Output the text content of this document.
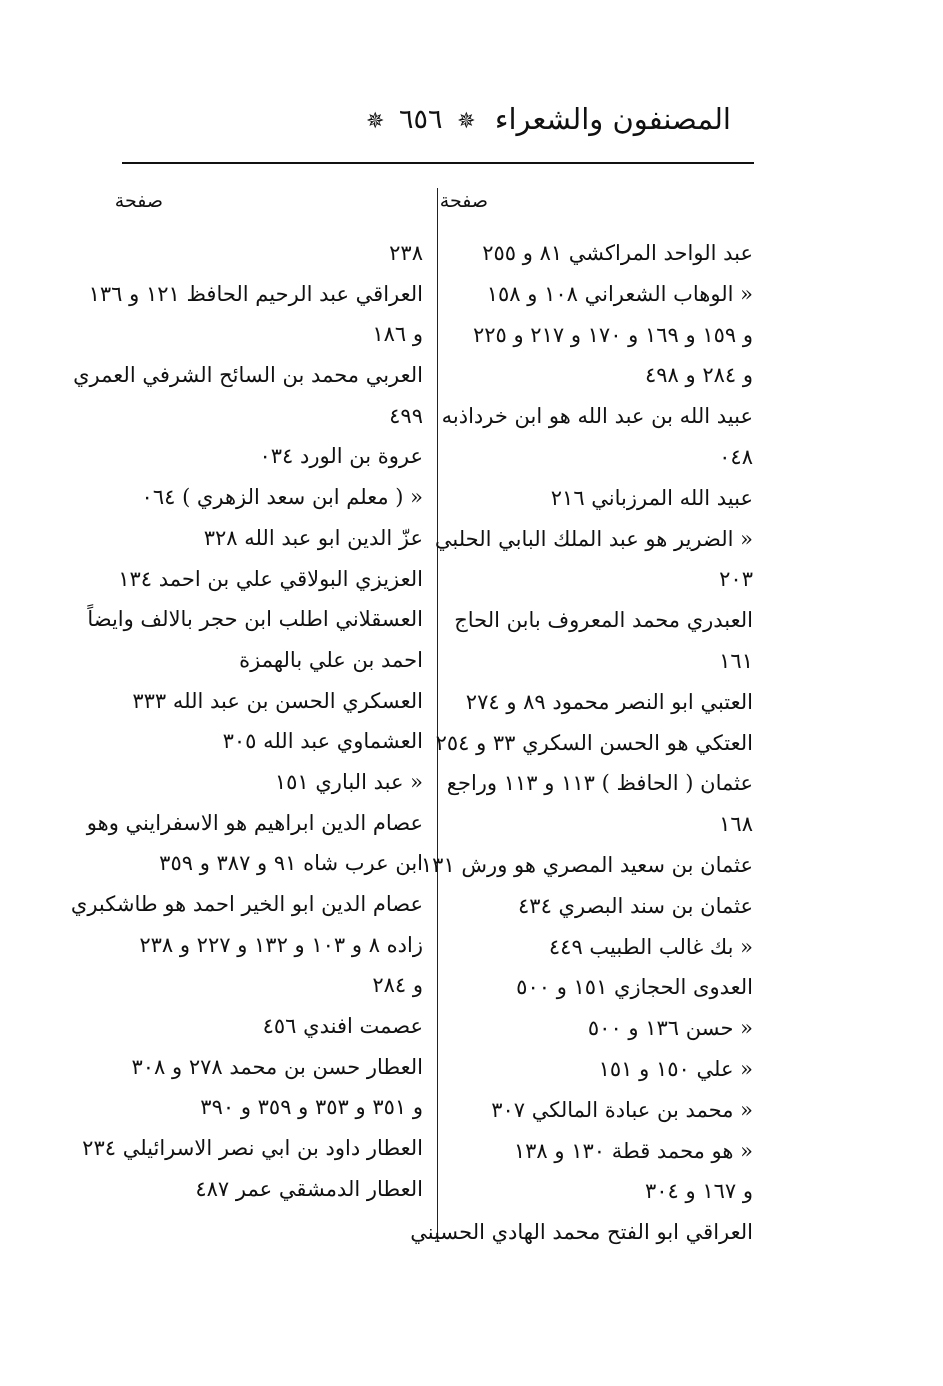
المصنفون والشعراء
✵ ٦٥٦ ✵
صفحة
صفحة
عبد الواحد المراكشي ٨١ و ٢٥٥
« الوهاب الشعراني ١٠٨ و ١٥٨
و ١٥٩ و ١٦٩ و ١٧٠ و ٢١٧ و ٢٢٥
و ٢٨٤ و ٤٩٨
عبيد الله بن عبد الله هو ابن خرداذبه
٠٤٨
عبيد الله المرزباني ٢١٦
« الضرير هو عبد الملك البابي الحلبي
٢٠٣
العبدري محمد المعروف بابن الحاج
١٦١
العتبي ابو النصر محمود ٨٩ و ٢٧٤
العتكي هو الحسن السكري ٣٣ و ٢٥٤
عثمان ( الحافظ ) ١١٣ و ١١٣ وراجع
١٦٨
عثمان بن سعيد المصري هو ورش ١٣١
عثمان بن سند البصري ٤٣٤
« بك غالب الطبيب ٤٤٩
العدوى الحجازي ١٥١ و ٥٠٠
« حسن ١٣٦ و ٥٠٠
« علي ١٥٠ و ١٥١
« محمد بن عبادة المالكي ٣٠٧
« هو محمد قطة ١٣٠ و ١٣٨
و ١٦٧ و ٣٠٤
العراقي ابو الفتح محمد الهادي الحسيني
٢٣٨
العراقي عبد الرحيم الحافظ ١٢١ و ١٣٦
و ١٨٦
العربي محمد بن السائح الشرفي العمري
٤٩٩
عروة بن الورد ٠٣٤
« ( معلم ابن سعد الزهري ) ٠٦٤
عزّ الدين ابو عبد الله ٣٢٨
العزيزي البولاقي علي بن احمد ١٣٤
العسقلاني اطلب ابن حجر بالالف وايضاً
احمد بن علي بالهمزة
العسكري الحسن بن عبد الله ٣٣٣
العشماوي عبد الله ٣٠٥
« عبد الباري ١٥١
عصام الدين ابراهيم هو الاسفرايني وهو
ابن عرب شاه ٩١ و ٣٨٧ و ٣٥٩
عصام الدين ابو الخير احمد هو طاشكبري
زاده ٨ و ١٠٣ و ١٣٢ و ٢٢٧ و ٢٣٨
و ٢٨٤
عصمت افندي ٤٥٦
العطار حسن بن محمد ٢٧٨ و ٣٠٨
و ٣٥١ و ٣٥٣ و ٣٥٩ و ٣٩٠
العطار داود بن ابي نصر الاسرائيلي ٢٣٤
العطار الدمشقي عمر ٤٨٧
